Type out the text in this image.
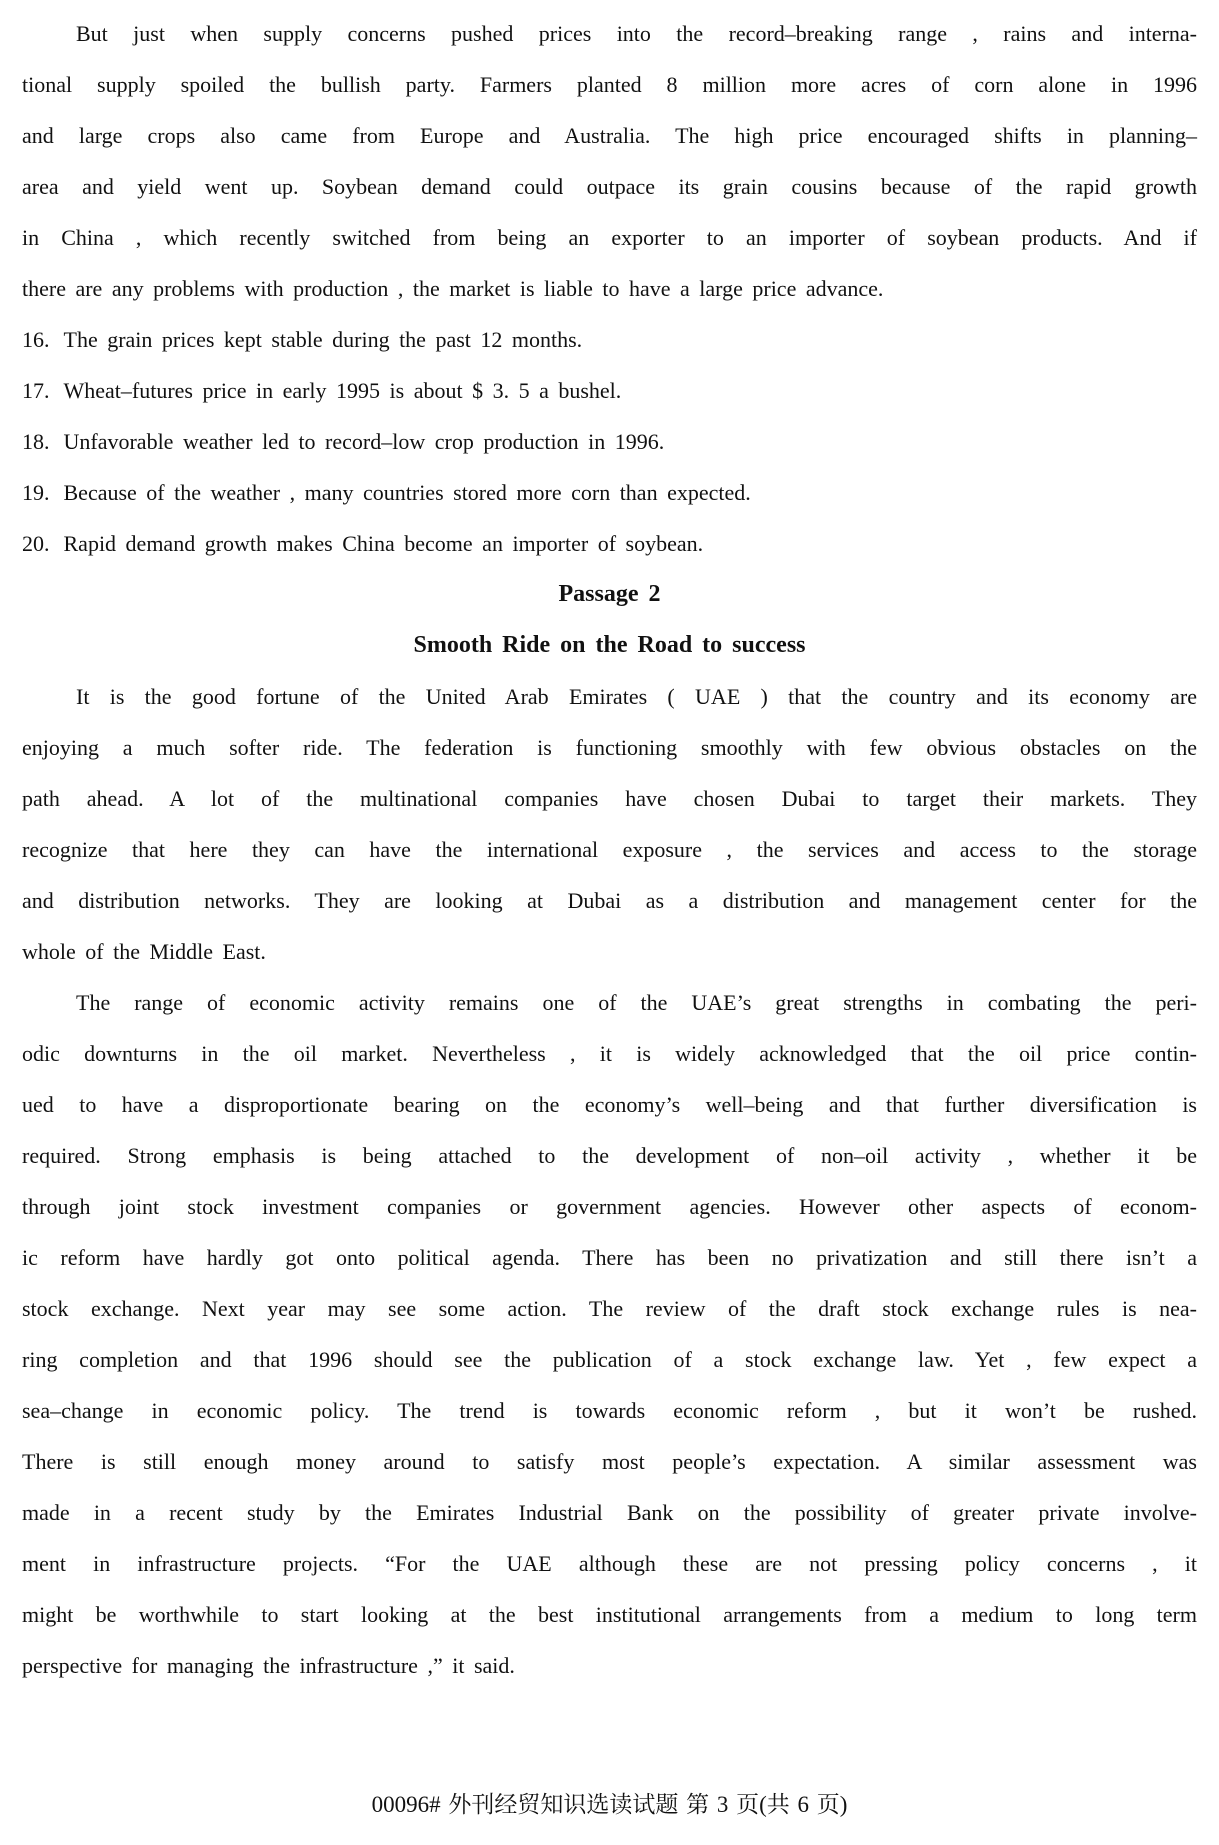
But just when supply concerns pushed prices into the record–breaking range , rains and interna-
tional supply spoiled the bullish party. Farmers planted 8 million more acres of corn alone in 1996
and large crops also came from Europe and Australia. The high price encouraged shifts in planning–
area and yield went up. Soybean demand could outpace its grain cousins because of the rapid growth
in China , which recently switched from being an exporter to an importer of soybean products. And if
there are any problems with production , the market is liable to have a large price advance.
16. The grain prices kept stable during the past 12 months.
17. Wheat–futures price in early 1995 is about $ 3. 5 a bushel.
18. Unfavorable weather led to record–low crop production in 1996.
19. Because of the weather , many countries stored more corn than expected.
20. Rapid demand growth makes China become an importer of soybean.
Passage 2
Smooth Ride on the Road to success
It is the good fortune of the United Arab Emirates ( UAE ) that the country and its economy are
enjoying a much softer ride. The federation is functioning smoothly with few obvious obstacles on the
path ahead. A lot of the multinational companies have chosen Dubai to target their markets. They
recognize that here they can have the international exposure , the services and access to the storage
and distribution networks. They are looking at Dubai as a distribution and management center for the
whole of the Middle East.
The range of economic activity remains one of the UAE’s great strengths in combating the peri-
odic downturns in the oil market. Nevertheless , it is widely acknowledged that the oil price contin-
ued to have a disproportionate bearing on the economy’s well–being and that further diversification is
required. Strong emphasis is being attached to the development of non–oil activity , whether it be
through joint stock investment companies or government agencies. However other aspects of econom-
ic reform have hardly got onto political agenda. There has been no privatization and still there isn’t a
stock exchange. Next year may see some action. The review of the draft stock exchange rules is nea-
ring completion and that 1996 should see the publication of a stock exchange law. Yet , few expect a
sea–change in economic policy. The trend is towards economic reform , but it won’t be rushed.
There is still enough money around to satisfy most people’s expectation. A similar assessment was
made in a recent study by the Emirates Industrial Bank on the possibility of greater private involve-
ment in infrastructure projects. “For the UAE although these are not pressing policy concerns , it
might be worthwhile to start looking at the best institutional arrangements from a medium to long term
perspective for managing the infrastructure ,” it said.
00096# 外刊经贸知识选读试题 第 3 页(共 6 页)
